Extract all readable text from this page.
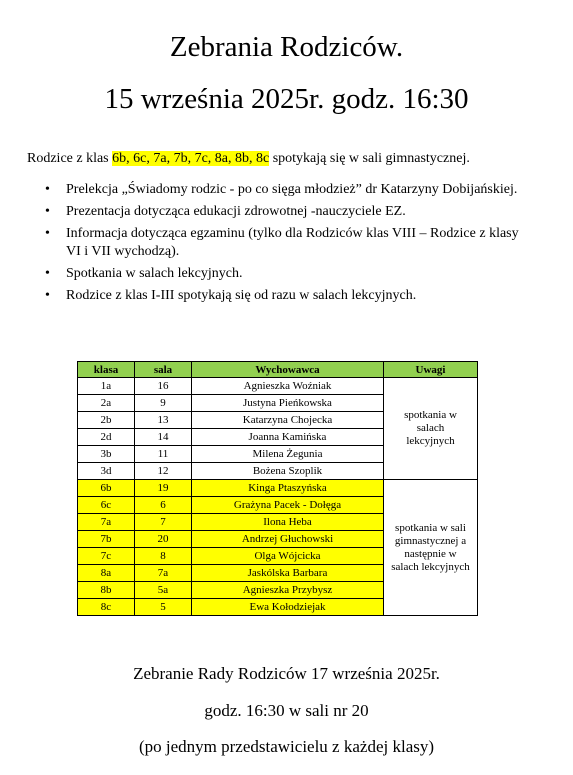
Zebrania Rodziców.
15 września 2025r. godz. 16:30
Rodzice z klas 6b, 6c, 7a, 7b, 7c, 8a, 8b, 8c spotykają się w sali gimnastycznej.
• Prelekcja „Świadomy rodzic - po co sięga młodzież” dr Katarzyny Dobijańskiej.
• Prezentacja dotycząca edukacji zdrowotnej -nauczyciele EZ.
• Informacja dotycząca egzaminu (tylko dla Rodziców klas VIII – Rodzice z klasy VI i VII wychodzą).
• Spotkania w salach lekcyjnych.
• Rodzice z klas I-III spotykają się od razu w salach lekcyjnych.
klasa	sala	Wychowawca	Uwagi
1a	16	Agnieszka Woźniak	spotkania w salach lekcyjnych
2a	9	Justyna Pieńkowska	
2b	13	Katarzyna Chojecka	
2d	14	Joanna Kamińska	
3b	11	Milena Żegunia	
3d	12	Bożena Szoplik	
6b	19	Kinga Ptaszyńska	spotkania w sali gimnastycznej a następnie w salach lekcyjnych
6c	6	Grażyna Pacek - Dołęga	
7a	7	Ilona Heba	
7b	20	Andrzej Głuchowski	
7c	8	Olga Wójcicka	
8a	7a	Jaskólska Barbara	
8b	5a	Agnieszka Przybysz	
8c	5	Ewa Kołodziejak	
Zebranie Rady Rodziców 17 września 2025r.
godz. 16:30 w sali nr 20
(po jednym przedstawicielu z każdej klasy)
